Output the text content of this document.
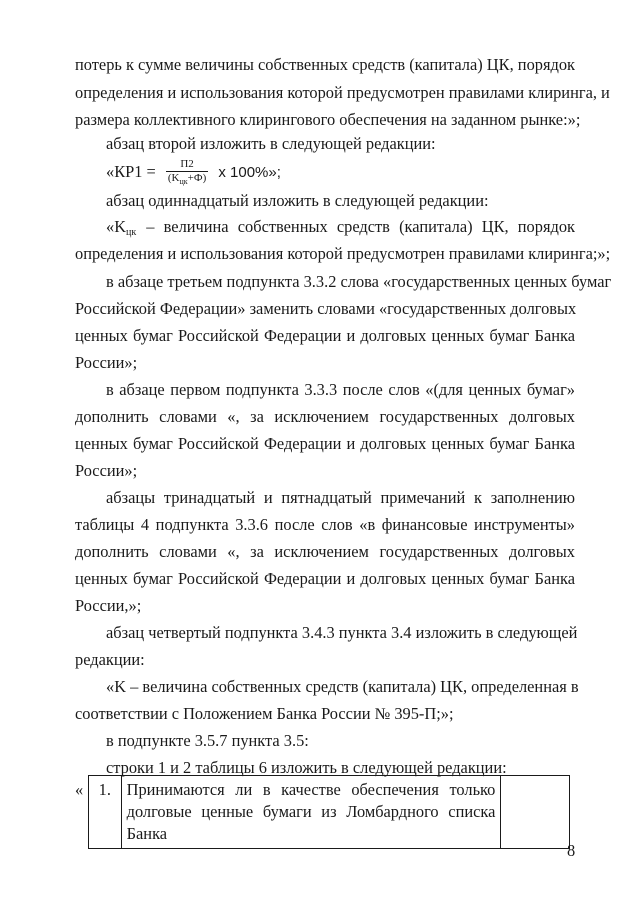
потерь к сумме величины собственных средств (капитала) ЦК, порядок
определения и использования которой предусмотрен правилами клиринга, и
размера коллективного клирингового обеспечения на заданном рынке:»;
абзац второй изложить в следующей редакции:
«$КР1 = \frac{П2}{(K_{цк}+Ф)}$ x 100%»;
абзац одиннадцатый изложить в следующей редакции:
«$K_{цк}$ – величина собственных средств (капитала) ЦК, порядок
определения и использования которой предусмотрен правилами клиринга;»;
в абзаце третьем подпункта 3.3.2 слова «государственных ценных бумаг
Российской Федерации» заменить словами «государственных долговых
ценных бумаг Российской Федерации и долговых ценных бумаг Банка
России»;
в абзаце первом подпункта 3.3.3 после слов «(для ценных бумаг»
дополнить словами «, за исключением государственных долговых
ценных бумаг Российской Федерации и долговых ценных бумаг Банка
России»;
абзацы тринадцатый и пятнадцатый примечаний к заполнению
таблицы 4 подпункта 3.3.6 после слов «в финансовые инструменты»
дополнить словами «, за исключением государственных долговых
ценных бумаг Российской Федерации и долговых ценных бумаг Банка
России,»;
абзац четвертый подпункта 3.4.3 пункта 3.4 изложить в следующей
редакции:
«K – величина собственных средств (капитала) ЦК, определенная в
соответствии с Положением Банка России № 395-П;»;
в подпункте 3.5.7 пункта 3.5:
строки 1 и 2 таблицы 6 изложить в следующей редакции:
« 1.	Принимаются ли в качестве обеспечения только
долговые ценные бумаги из Ломбардного списка Банка

8
